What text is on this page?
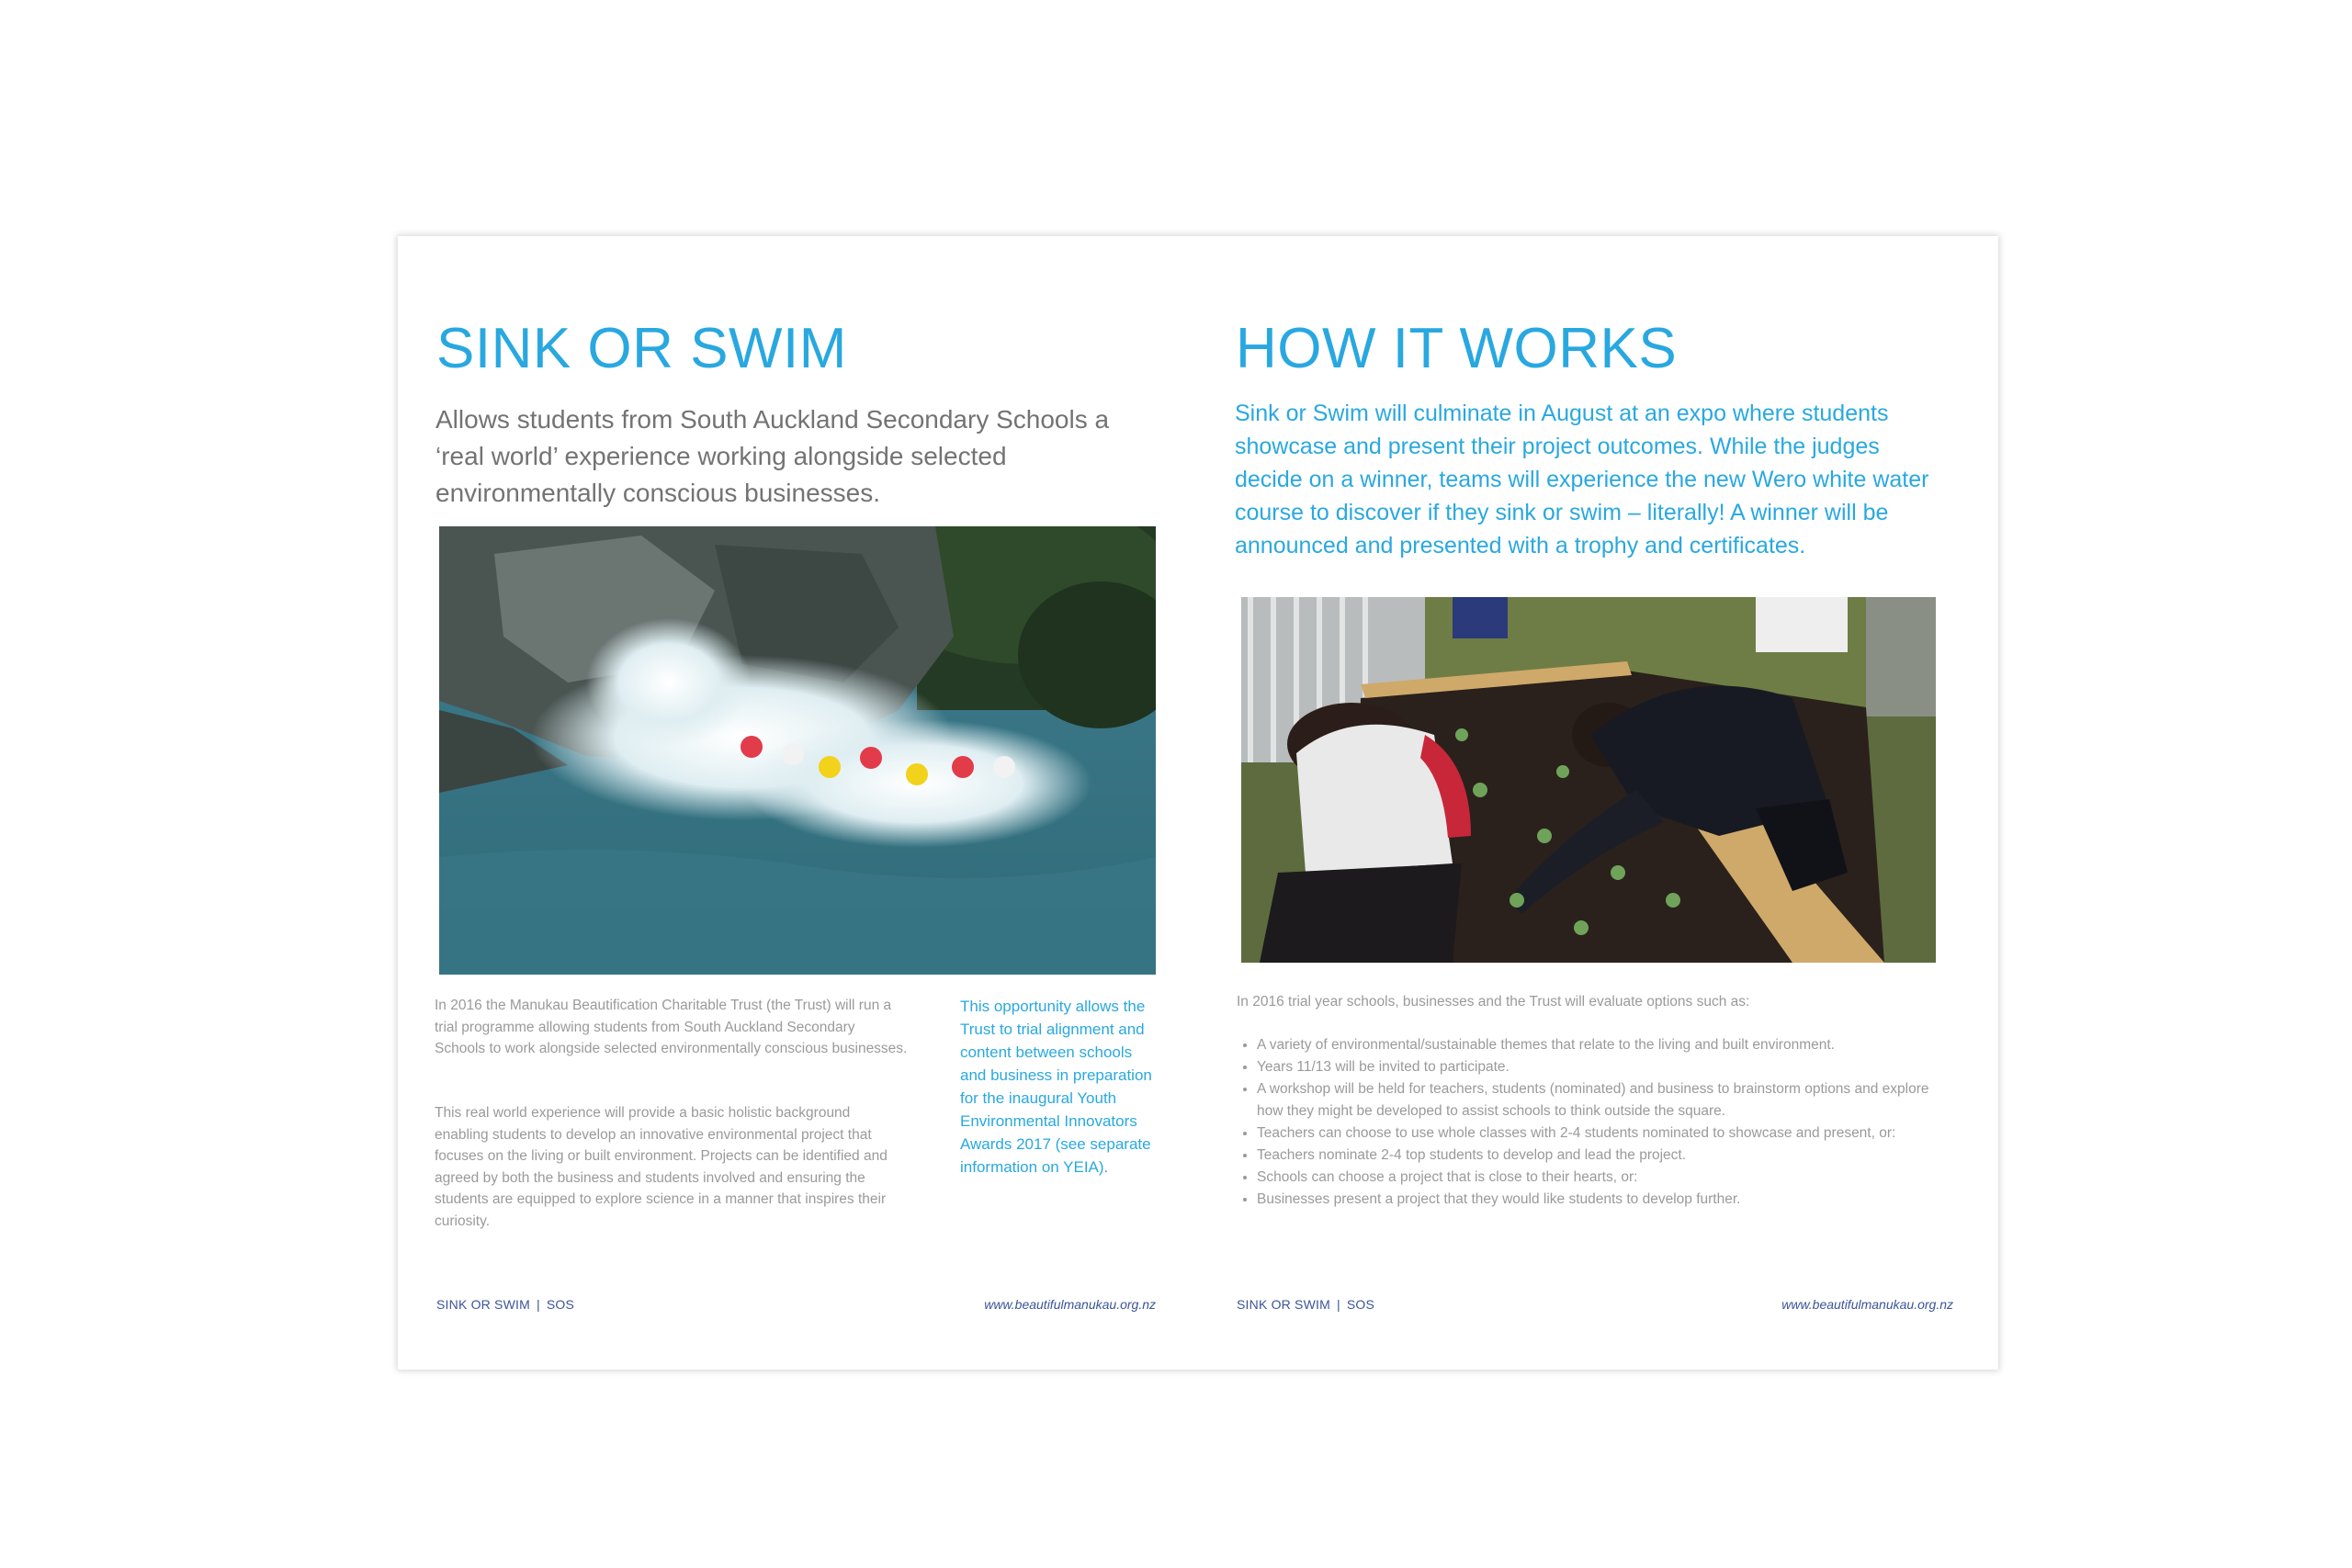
SINK OR SWIM
Allows students from South Auckland Secondary Schools a ‘real world’ experience working alongside selected environmentally conscious businesses.
In 2016 the Manukau Beautification Charitable Trust (the Trust) will run a trial programme allowing students from South Auckland Secondary Schools to work alongside selected environmentally conscious businesses.
This real world experience will provide a basic holistic background enabling students to develop an innovative environmental project that focuses on the living or built environment. Projects can be identified and agreed by both the business and students involved and ensuring the students are equipped to explore science in a manner that inspires their curiosity.
This opportunity allows the Trust to trial alignment and content between schools and business in preparation for the inaugural Youth Environmental Innovators Awards 2017 (see separate information on YEIA).
SINK OR SWIM | SOS	www.beautifulmanukau.org.nz
HOW IT WORKS
Sink or Swim will culminate in August at an expo where students showcase and present their project outcomes. While the judges decide on a winner, teams will experience the new Wero white water course to discover if they sink or swim – literally! A winner will be announced and presented with a trophy and certificates.
In 2016 trial year schools, businesses and the Trust will evaluate options such as:
• A variety of environmental/sustainable themes that relate to the living and built environment.
• Years 11/13 will be invited to participate.
• A workshop will be held for teachers, students (nominated) and business to brainstorm options and explore how they might be developed to assist schools to think outside the square.
• Teachers can choose to use whole classes with 2-4 students nominated to showcase and present, or:
• Teachers nominate 2-4 top students to develop and lead the project.
• Schools can choose a project that is close to their hearts, or:
• Businesses present a project that they would like students to develop further.
SINK OR SWIM | SOS	www.beautifulmanukau.org.nz
